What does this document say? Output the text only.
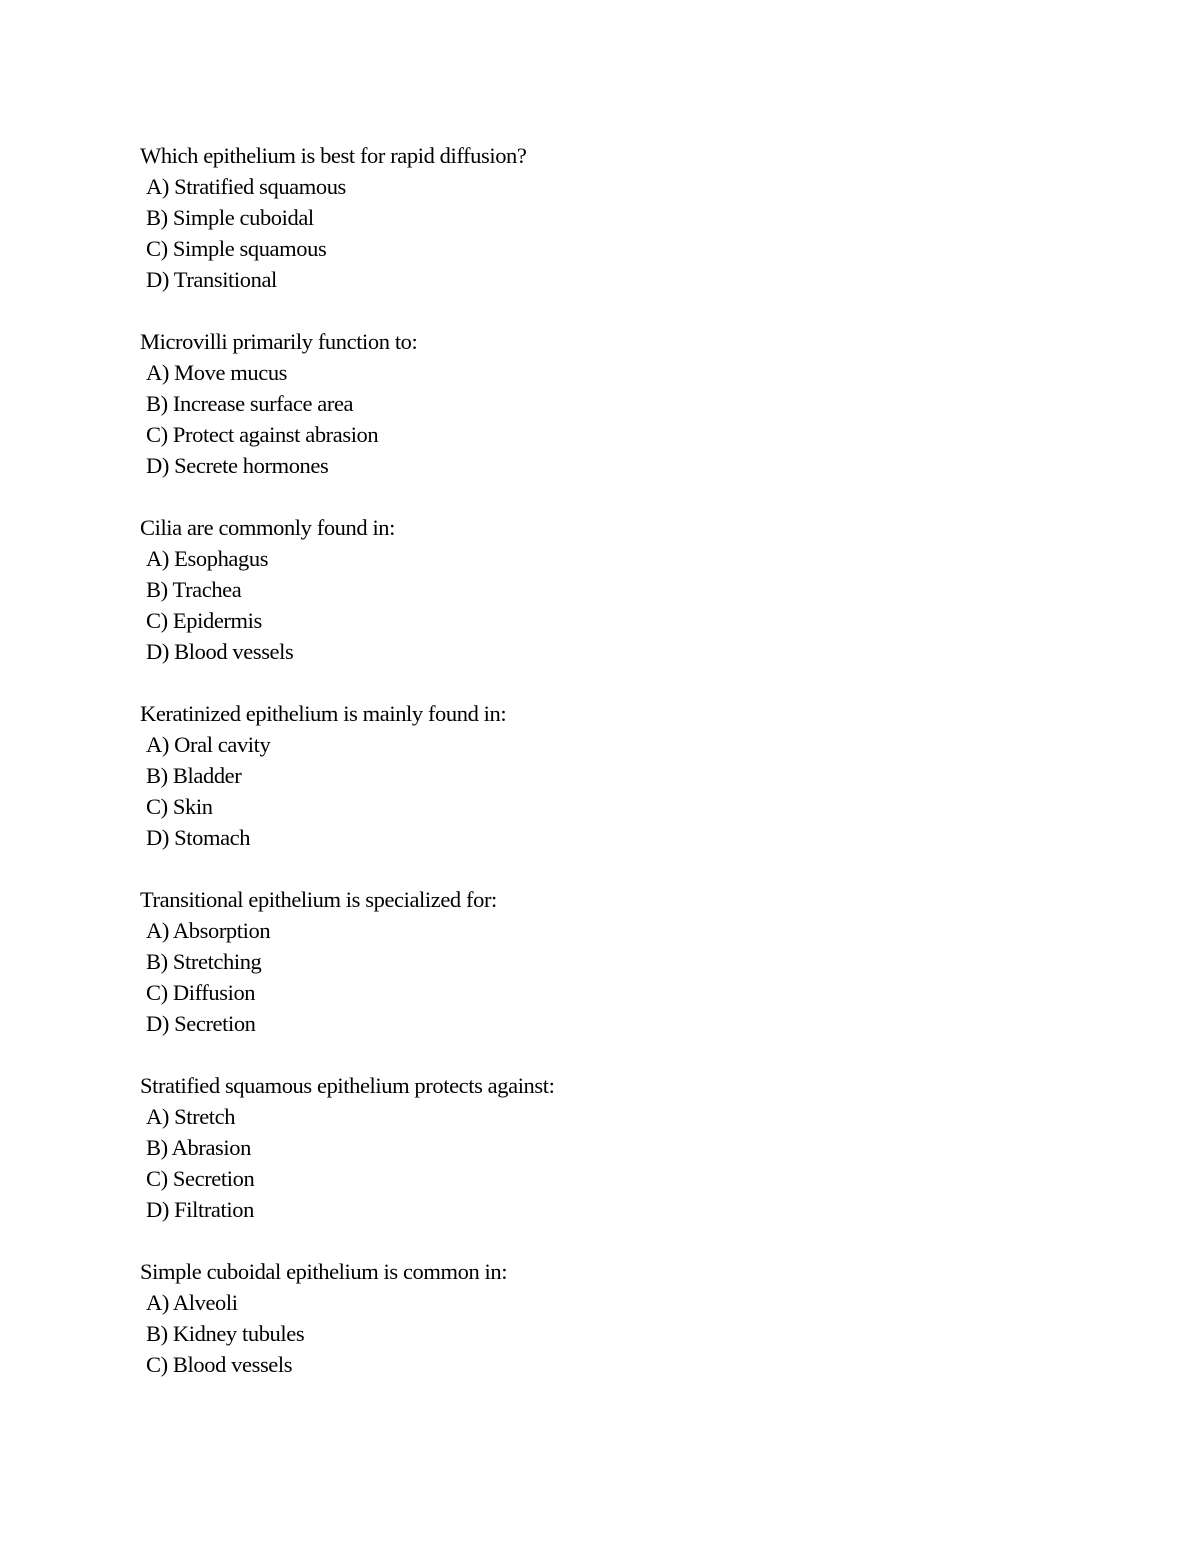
Which epithelium is best for rapid diffusion?
A) Stratified squamous
B) Simple cuboidal
C) Simple squamous
D) Transitional
Microvilli primarily function to:
A) Move mucus
B) Increase surface area
C) Protect against abrasion
D) Secrete hormones
Cilia are commonly found in:
A) Esophagus
B) Trachea
C) Epidermis
D) Blood vessels
Keratinized epithelium is mainly found in:
A) Oral cavity
B) Bladder
C) Skin
D) Stomach
Transitional epithelium is specialized for:
A) Absorption
B) Stretching
C) Diffusion
D) Secretion
Stratified squamous epithelium protects against:
A) Stretch
B) Abrasion
C) Secretion
D) Filtration
Simple cuboidal epithelium is common in:
A) Alveoli
B) Kidney tubules
C) Blood vessels
